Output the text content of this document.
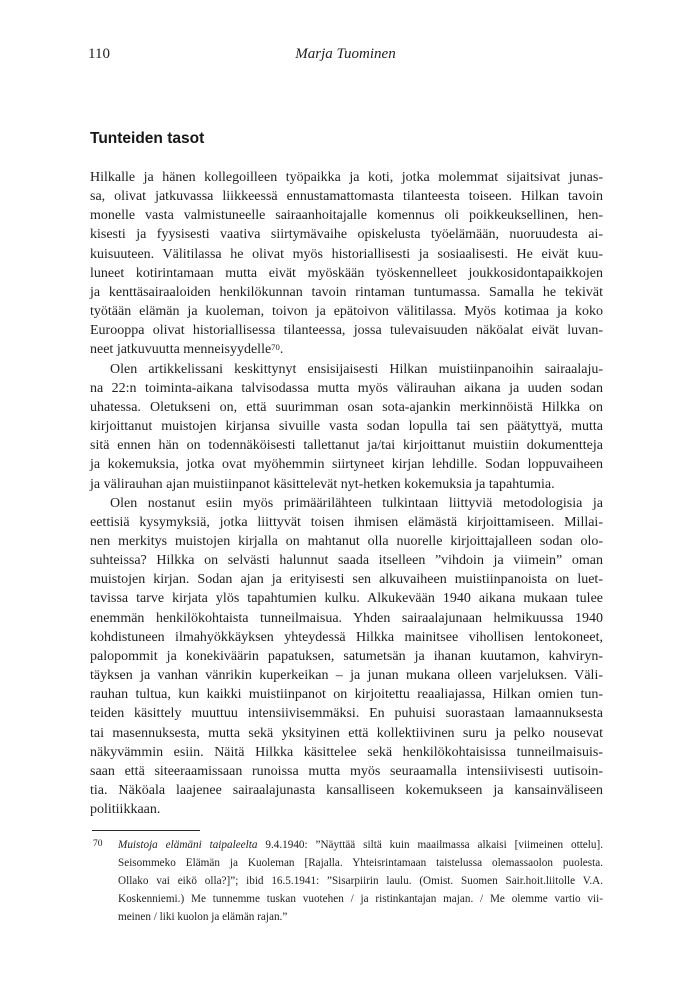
110	Marja Tuominen
Tunteiden tasot
Hilkalle ja hänen kollegoilleen työpaikka ja koti, jotka molemmat sijaitsivat junas-
sa, olivat jatkuvassa liikkeessä ennustamattomasta tilanteesta toiseen. Hilkan tavoin
monelle vasta valmistuneelle sairaanhoitajalle komennus oli poikkeuksellinen, hen-
kisesti ja fyysisesti vaativa siirtymävaihe opiskelusta työelämään, nuoruudesta ai-
kuisuuteen. Välitilassa he olivat myös historiallisesti ja sosiaalisesti. He eivät kuu-
luneet kotirintamaan mutta eivät myöskään työskennelleet joukkosidontapaikkojen
ja kenttäsairaaloiden henkilökunnan tavoin rintaman tuntumassa. Samalla he tekivät
työtään elämän ja kuoleman, toivon ja epätoivon välitilassa. Myös kotimaa ja koko
Eurooppa olivat historiallisessa tilanteessa, jossa tulevaisuuden näköalat eivät luvan-
neet jatkuvuutta menneisyydelle$^{70}$.
Olen artikkelissani keskittynyt ensisijaisesti Hilkan muistiinpanoihin sairaalaju-
na 22:n toiminta-aikana talvisodassa mutta myös välirauhan aikana ja uuden sodan
uhatessa. Oletukseni on, että suurimman osan sota-ajankin merkinnöistä Hilkka on
kirjoittanut muistojen kirjansa sivuille vasta sodan lopulla tai sen päätyttyä, mutta
sitä ennen hän on todennäköisesti tallettanut ja/tai kirjoittanut muistiin dokumentteja
ja kokemuksia, jotka ovat myöhemmin siirtyneet kirjan lehdille. Sodan loppuvaiheen
ja välirauhan ajan muistiinpanot käsittelevät nyt-hetken kokemuksia ja tapahtumia.
Olen nostanut esiin myös primäärilähteen tulkintaan liittyviä metodologisia ja
eettisiä kysymyksiä, jotka liittyvät toisen ihmisen elämästä kirjoittamiseen. Millai-
nen merkitys muistojen kirjalla on mahtanut olla nuorelle kirjoittajalleen sodan olo-
suhteissa? Hilkka on selvästi halunnut saada itselleen ”vihdoin ja viimein” oman
muistojen kirjan. Sodan ajan ja erityisesti sen alkuvaiheen muistiinpanoista on luet-
tavissa tarve kirjata ylös tapahtumien kulku. Alkukevään 1940 aikana mukaan tulee
enemmän henkilökohtaista tunneilmaisua. Yhden sairaalajunaan helmikuussa 1940
kohdistuneen ilmahyökkäyksen yhteydessä Hilkka mainitsee vihollisen lentokoneet,
palopommit ja konekiväärin papatuksen, satumetsän ja ihanan kuutamon, kahviryn-
täyksen ja vanhan vänrikin kuperkeikan – ja junan mukana olleen varjeluksen. Väli-
rauhan tultua, kun kaikki muistiinpanot on kirjoitettu reaaliajassa, Hilkan omien tun-
teiden käsittely muuttuu intensiivisemmäksi. En puhuisi suorastaan lamaannuksesta
tai masennuksesta, mutta sekä yksityinen että kollektiivinen suru ja pelko nousevat
näkyvämmin esiin. Näitä Hilkka käsittelee sekä henkilökohtaisissa tunneilmaisuis-
saan että siteeraamissaan runoissa mutta myös seuraamalla intensiivisesti uutisoin-
tia. Näköala laajenee sairaalajunasta kansalliseen kokemukseen ja kansainväliseen
politiikkaan.
70 Muistoja elämäni taipaleelta 9.4.1940: ”Näyttää siltä kuin maailmassa alkaisi [viimeinen ottelu].
Seisommeko Elämän ja Kuoleman [Rajalla. Yhteisrintamaan taistelussa olemassaolon puolesta.
Ollako vai eikö olla?]”; ibid 16.5.1941: ”Sisarpiirin laulu. (Omist. Suomen Sair.hoit.liitolle V.A.
Koskenniemi.) Me tunnemme tuskan vuotehen / ja ristinkantajan majan. / Me olemme vartio vii-
meinen / liki kuolon ja elämän rajan.”
